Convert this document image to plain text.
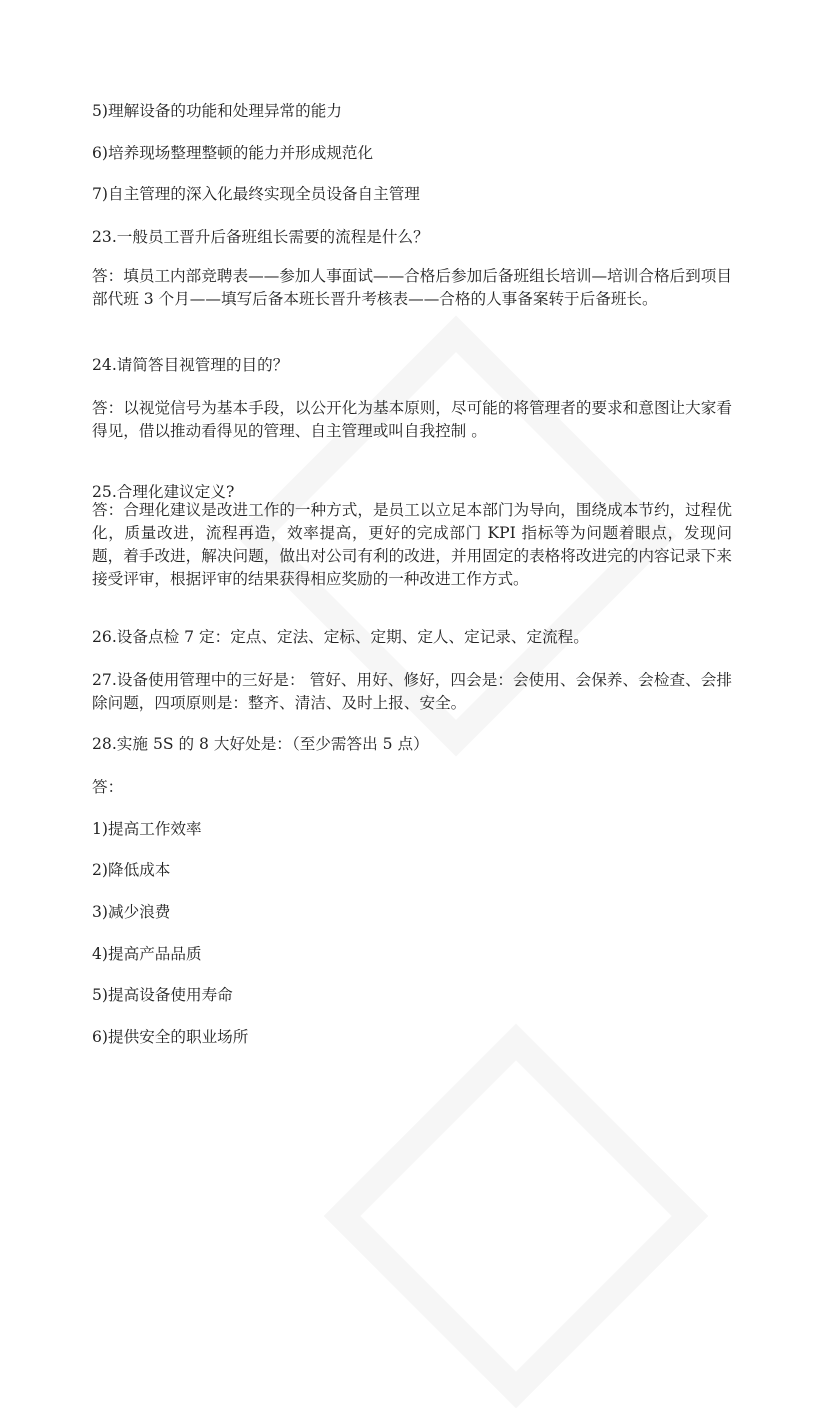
5)理解设备的功能和处理异常的能力

6)培养现场整理整顿的能力并形成规范化

7)自主管理的深入化最终实现全员设备自主管理

23.一般员工晋升后备班组长需要的流程是什么？

答：填员工内部竞聘表——参加人事面试——合格后参加后备班组长培训—培训合格后到项目部代班 3 个月——填写后备本班长晋升考核表——合格的人事备案转于后备班长。

24.请简答目视管理的目的？

答：以视觉信号为基本手段，以公开化为基本原则，尽可能的将管理者的要求和意图让大家看得见，借以推动看得见的管理、自主管理或叫自我控制 。

25.合理化建议定义?

答：合理化建议是改进工作的一种方式，是员工以立足本部门为导向，围绕成本节约，过程优化，质量改进，流程再造，效率提高，更好的完成部门 KPI 指标等为问题着眼点，发现问题，着手改进，解决问题，做出对公司有利的改进，并用固定的表格将改进完的内容记录下来接受评审，根据评审的结果获得相应奖励的一种改进工作方式。

26.设备点检 7 定：定点、定法、定标、定期、定人、定记录、定流程。

27.设备使用管理中的三好是： 管好、用好、修好，四会是：会使用、会保养、会检查、会排除问题，四项原则是：整齐、清洁、及时上报、安全。

28.实施 5S 的 8 大好处是：（至少需答出 5 点）

答：

1)提高工作效率

2)降低成本

3)减少浪费

4)提高产品品质

5)提高设备使用寿命

6)提供安全的职业场所
